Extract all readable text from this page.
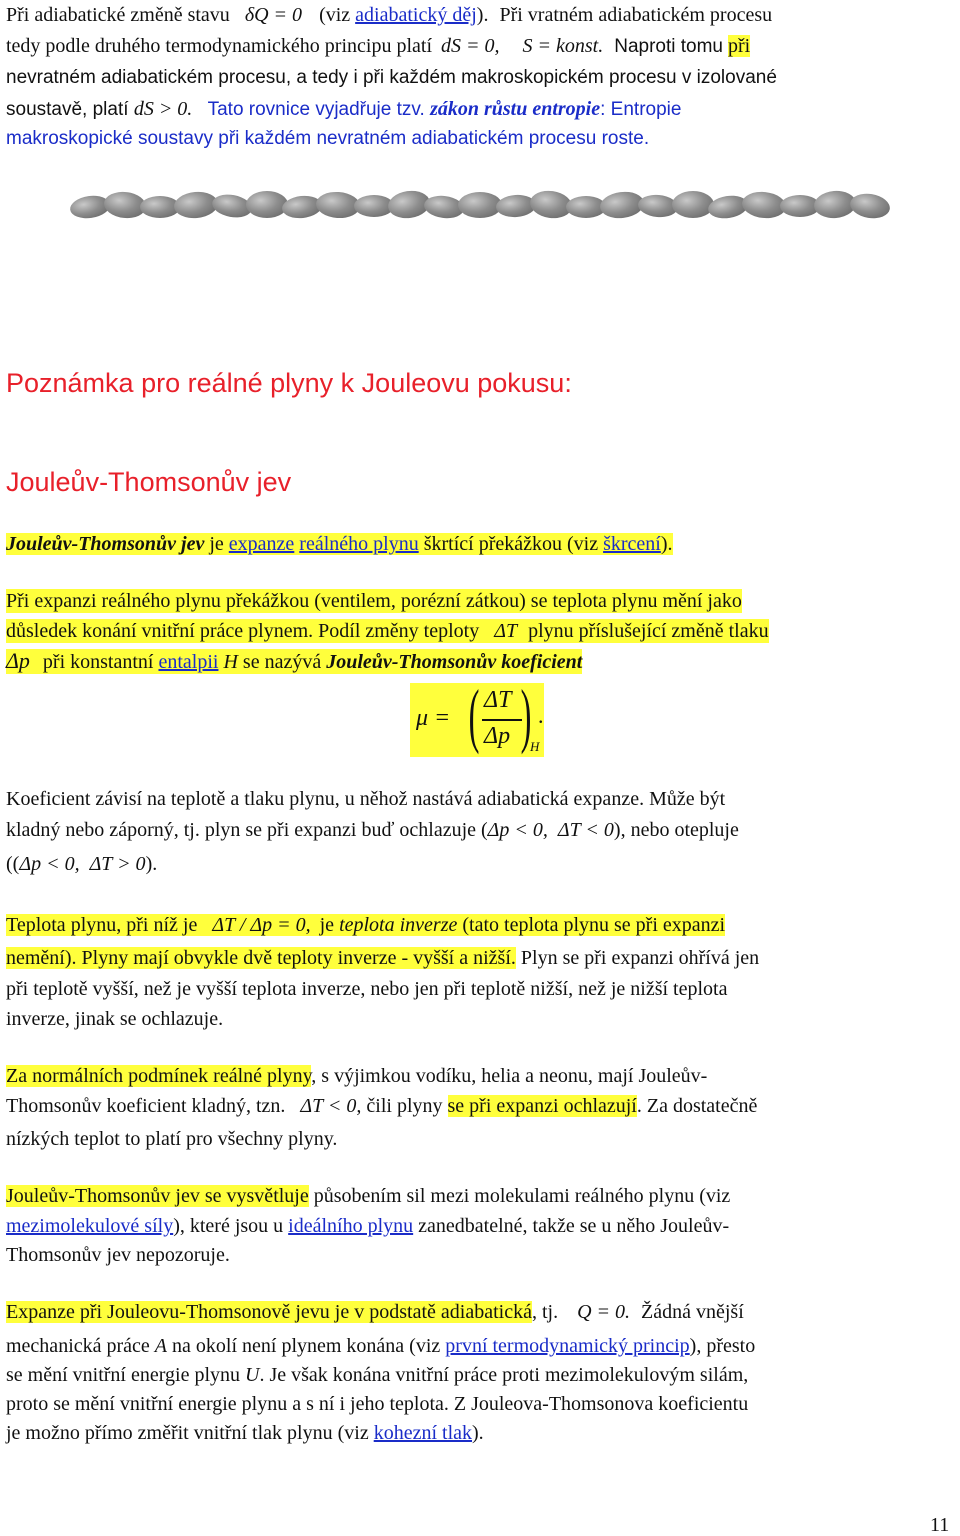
Při adiabatické změně stavu δQ = 0 (viz adiabatický děj). Při vratném adiabatickém procesu
tedy podle druhého termodynamického principu platí dS = 0, S = konst. Naproti tomu při
nevratném adiabatickém procesu, a tedy i při každém makroskopickém procesu v izolované
soustavě, platí dS > 0. Tato rovnice vyjadřuje tzv. zákon růstu entropie: Entropie
makroskopické soustavy při každém nevratném adiabatickém procesu roste.
Poznámka pro reálné plyny k Jouleovu pokusu:
Jouleův-Thomsonův jev
Jouleův-Thomsonův jev je expanze reálného plynu škrtící překážkou (viz škrcení).
Při expanzi reálného plynu překážkou (ventilem, porézní zátkou) se teplota plynu mění jako
důsledek konání vnitřní práce plynem. Podíl změny teploty ΔT plynu příslušející změně tlaku
Δp při konstantní entalpii H se nazývá Jouleův-Thomsonův koeficient
μ = ( ΔT
Δp )
H
.
Koeficient závisí na teplotě a tlaku plynu, u něhož nastává adiabatická expanze. Může být
kladný nebo záporný, tj. plyn se při expanzi buď ochlazuje (Δp < 0,  ΔT < 0), nebo otepluje
((Δp < 0,  ΔT > 0).
Teplota plynu, při níž je ΔT / Δp = 0, je teplota inverze (tato teplota plynu se při expanzi
nemění). Plyny mají obvykle dvě teploty inverze - vyšší a nižší. Plyn se při expanzi ohřívá jen
při teplotě vyšší, než je vyšší teplota inverze, nebo jen při teplotě nižší, než je nižší teplota
inverze, jinak se ochlazuje.
Za normálních podmínek reálné plyny, s výjimkou vodíku, helia a neonu, mají Jouleův-
Thomsonův koeficient kladný, tzn. ΔT < 0, čili plyny se při expanzi ochlazují. Za dostatečně
nízkých teplot to platí pro všechny plyny.
Jouleův-Thomsonův jev se vysvětluje působením sil mezi molekulami reálného plynu (viz
mezimolekulové síly), které jsou u ideálního plynu zanedbatelné, takže se u něho Jouleův-
Thomsonův jev nepozoruje.
Expanze při Jouleovu-Thomsonově jevu je v podstatě adiabatická, tj. Q = 0. Žádná vnější
mechanická práce A na okolí není plynem konána (viz první termodynamický princip), přesto
se mění vnitřní energie plynu U. Je však konána vnitřní práce proti mezimolekulovým silám,
proto se mění vnitřní energie plynu a s ní i jeho teplota. Z Jouleova-Thomsonova koeficientu
je možno přímo změřit vnitřní tlak plynu (viz kohezní tlak).
11
